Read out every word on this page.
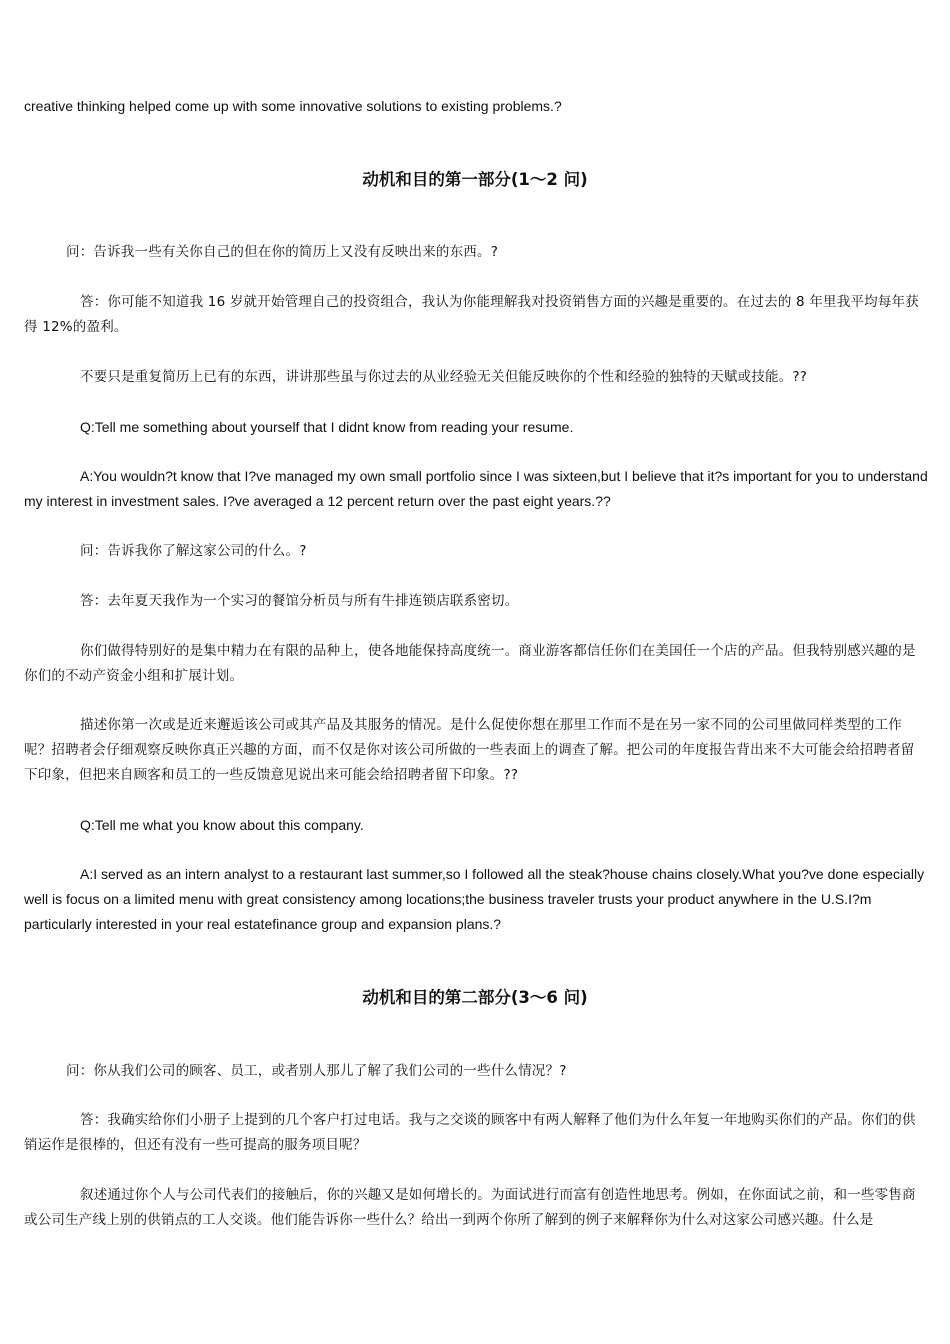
creative thinking helped come up with some innovative solutions to existing problems.?
动机和目的第一部分(1～2 问)
问：告诉我一些有关你自己的但在你的简历上又没有反映出来的东西。?
答：你可能不知道我 16 岁就开始管理自己的投资组合，我认为你能理解我对投资销售方面的兴趣是重要的。在过去的 8 年里我平均每年获得 12%的盈利。
不要只是重复简历上已有的东西，讲讲那些虽与你过去的从业经验无关但能反映你的个性和经验的独特的天赋或技能。??
Q:Tell me something about yourself that I didnt know from reading your resume.
A:You wouldn?t know that I?ve managed my own small portfolio since I was sixteen,but I believe that it?s important for you to understand my interest in investment sales. I?ve averaged a 12 percent return over the past eight years.??
问：告诉我你了解这家公司的什么。?
答：去年夏天我作为一个实习的餐馆分析员与所有牛排连锁店联系密切。
你们做得特别好的是集中精力在有限的品种上，使各地能保持高度统一。商业游客都信任你们在美国任一个店的产品。但我特别感兴趣的是你们的不动产资金小组和扩展计划。
描述你第一次或是近来邂逅该公司或其产品及其服务的情况。是什么促使你想在那里工作而不是在另一家不同的公司里做同样类型的工作呢？招聘者会仔细观察反映你真正兴趣的方面，而不仅是你对该公司所做的一些表面上的调查了解。把公司的年度报告背出来不大可能会给招聘者留下印象，但把来自顾客和员工的一些反馈意见说出来可能会给招聘者留下印象。??
Q:Tell me what you know about this company.
A:I served as an intern analyst to a restaurant last summer,so I followed all the steak?house chains closely.What you?ve done especially well is focus on a limited menu with great consistency among locations;the business traveler trusts your product anywhere in the U.S.I?m particularly interested in your real estatefinance group and expansion plans.?
动机和目的第二部分(3～6 问)
问：你从我们公司的顾客、员工，或者别人那儿了解了我们公司的一些什么情况？?
答：我确实给你们小册子上提到的几个客户打过电话。我与之交谈的顾客中有两人解释了他们为什么年复一年地购买你们的产品。你们的供销运作是很棒的，但还有没有一些可提高的服务项目呢？
叙述通过你个人与公司代表们的接触后，你的兴趣又是如何增长的。为面试进行而富有创造性地思考。例如，在你面试之前，和一些零售商或公司生产线上别的供销点的工人交谈。他们能告诉你一些什么？给出一到两个你所了解到的例子来解释你为什么对这家公司感兴趣。什么是
